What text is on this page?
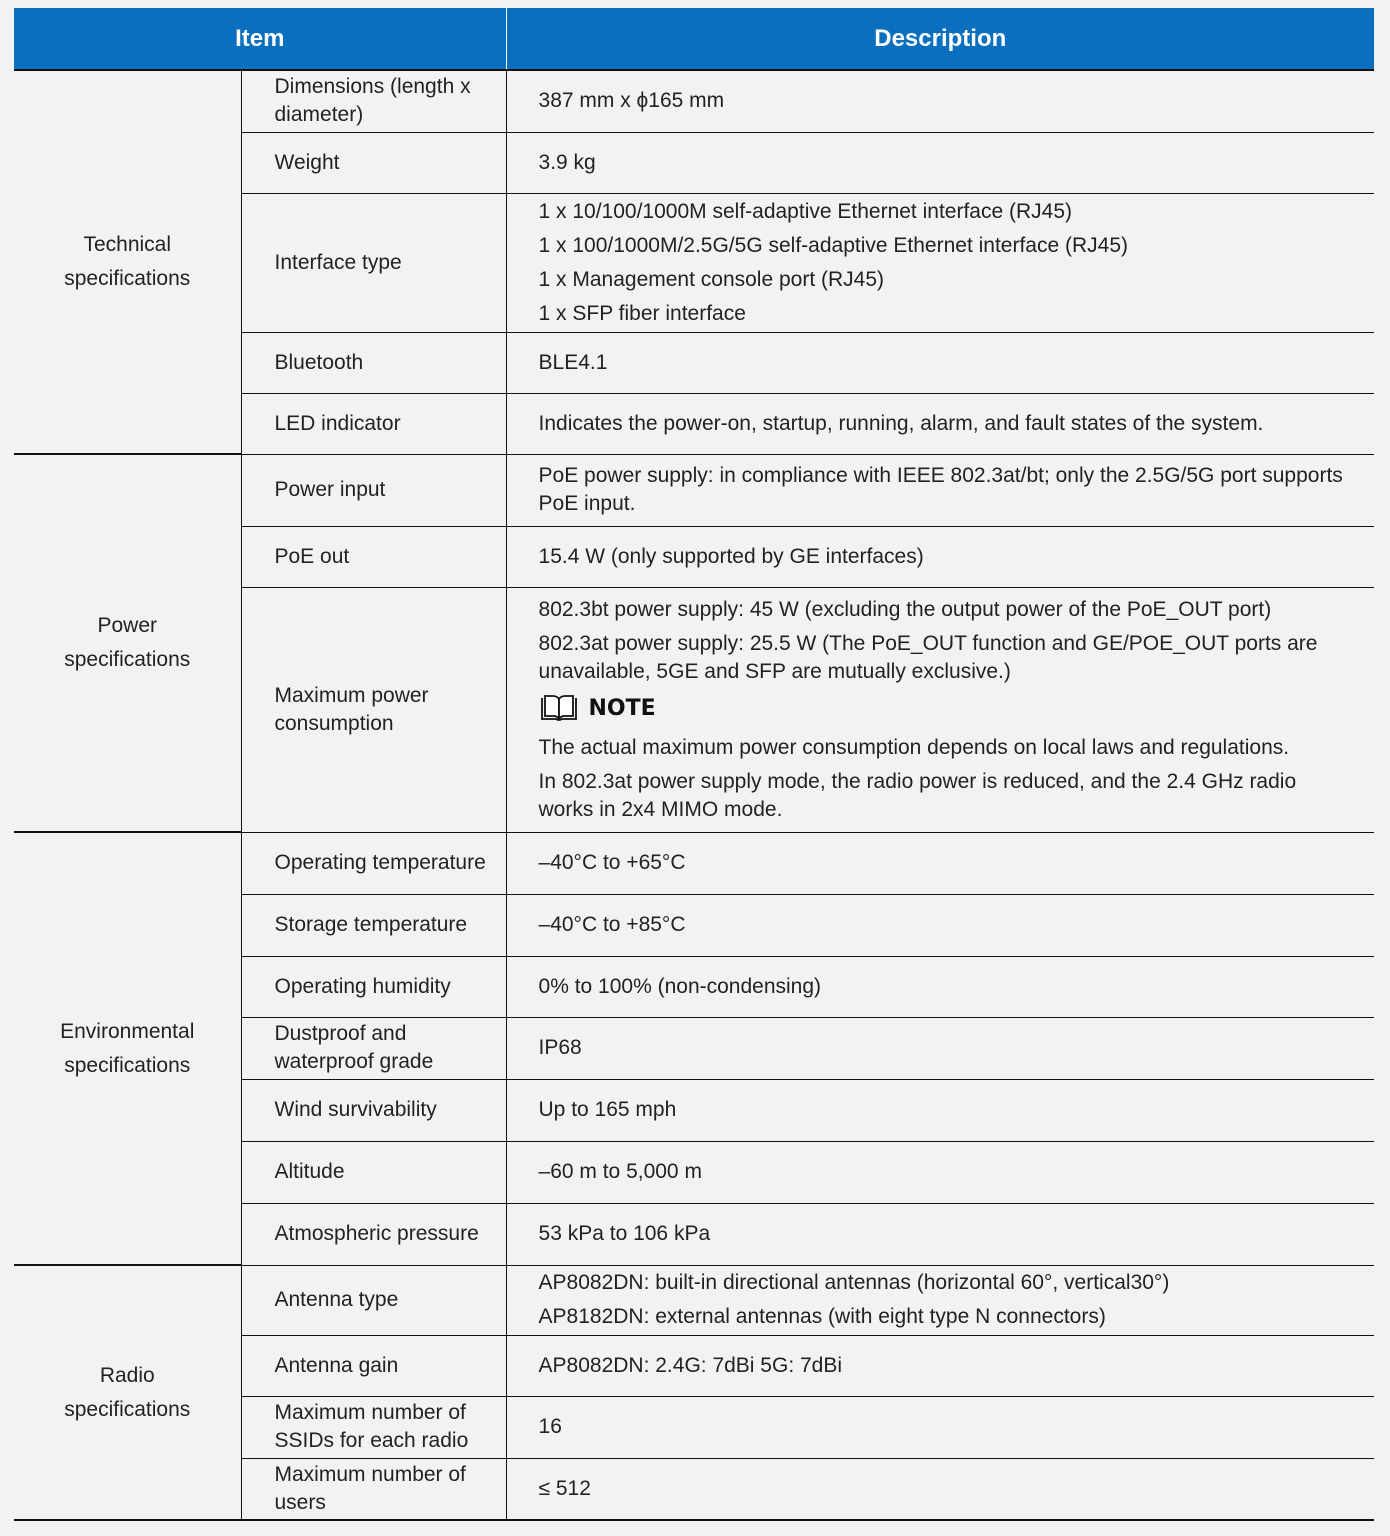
Item		Description

Technical
specifications	Dimensions (length x diameter)	387 mm x ϕ165 mm

	Weight	3.9 kg

	Interface type	1 x 10/100/1000M self-adaptive Ethernet interface (RJ45)
1 x 100/1000M/2.5G/5G self-adaptive Ethernet interface (RJ45)
1 x Management console port (RJ45)
1 x SFP fiber interface

	Bluetooth	BLE4.1

	LED indicator	Indicates the power-on, startup, running, alarm, and fault states of the system.

Power
specifications	Power input	PoE power supply: in compliance with IEEE 802.3at/bt; only the 2.5G/5G port supports PoE input.

	PoE out	15.4 W (only supported by GE interfaces)

	Maximum power consumption	802.3bt power supply: 45 W (excluding the output power of the PoE_OUT port)
802.3at power supply: 25.5 W (The PoE_OUT function and GE/POE_OUT ports are unavailable, 5GE and SFP are mutually exclusive.)
NOTE
The actual maximum power consumption depends on local laws and regulations.
In 802.3at power supply mode, the radio power is reduced, and the 2.4 GHz radio works in 2x4 MIMO mode.

Environmental
specifications	Operating temperature	–40°C to +65°C

	Storage temperature	–40°C to +85°C

	Operating humidity	0% to 100% (non-condensing)

	Dustproof and waterproof grade	IP68

	Wind survivability	Up to 165 mph

	Altitude	–60 m to 5,000 m

	Atmospheric pressure	53 kPa to 106 kPa

Radio
specifications	Antenna type	AP8082DN: built-in directional antennas (horizontal 60°, vertical30°)
AP8182DN: external antennas (with eight type N connectors)

	Antenna gain	AP8082DN: 2.4G: 7dBi 5G: 7dBi

	Maximum number of SSIDs for each radio	16

	Maximum number of users	≤ 512
